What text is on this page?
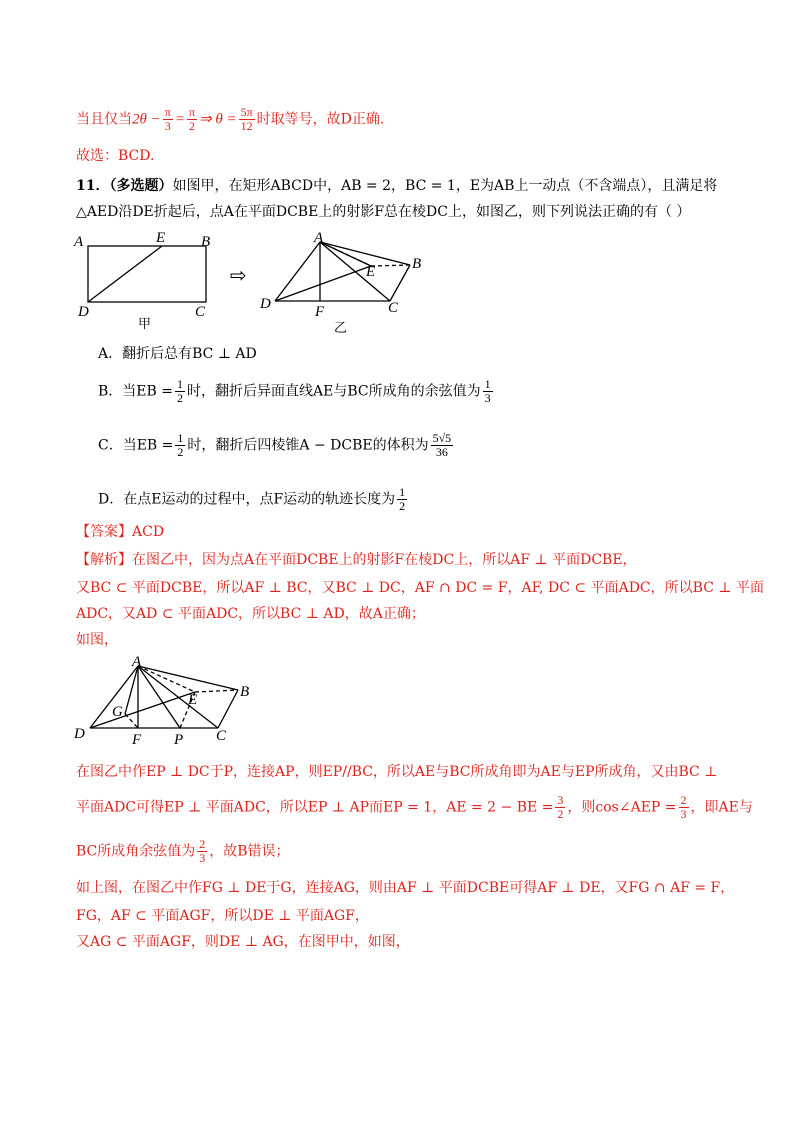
当且仅当$2\theta - \frac{\pi}{3} = \frac{\pi}{2}$ ⇒ $\theta = \frac{5\pi}{12}$ 时取等号，故D正确.
故选：BCD.
11．（多选题）如图甲，在矩形ABCD中，AB = 2，BC = 1，E为AB上一动点（不含端点），且满足将
△AED沿DE折起后，点A在平面DCBE上的射影F总在棱DC上，如图乙，则下列说法正确的有（ ）
A	E B
D	C
甲
⇨
A
E B
D	F	C
乙
A．翻折后总有BC ⊥ AD
B．当EB = $\frac{1}{2}$ 时，翻折后异面直线AE与BC所成角的余弦值为 $\frac{1}{3}$
C．当EB = $\frac{1}{2}$ 时，翻折后四棱锥A − DCBE的体积为 $\frac{5√5}{36}$
D．在点E运动的过程中，点F运动的轨迹长度为 $\frac{1}{2}$
【答案】ACD
【解析】在图乙中，因为点A在平面DCBE上的射影F在棱DC上，所以AF ⊥ 平面DCBE，
又BC ⊂ 平面DCBE，所以AF ⊥ BC，又BC ⊥ DC，AF ∩ DC = F，AF, DC ⊂ 平面ADC，所以BC ⊥ 平面
ADC，又AD ⊂ 平面ADC，所以BC ⊥ AD，故A正确；
如图，
A
B
E
G
D	F P C
在图乙中作EP ⊥ DC于P，连接AP，则EP//BC，所以AE与BC所成角即为AE与EP所成角，又由BC ⊥
平面ADC可得EP ⊥ 平面ADC，所以EP ⊥ AP而EP = 1，AE = 2 − BE = $\frac{3}{2}$ ，则cos∠AEP = $\frac{2}{3}$ ，即AE与
BC所成角余弦值为 $\frac{2}{3}$ ，故B错误；
如上图，在图乙中作FG ⊥ DE于G，连接AG，则由AF ⊥ 平面DCBE可得AF ⊥ DE，又FG ∩ AF = F，
FG，AF ⊂ 平面AGF，所以DE ⊥ 平面AGF，
又AG ⊂ 平面AGF，则DE ⊥ AG，在图甲中，如图，
